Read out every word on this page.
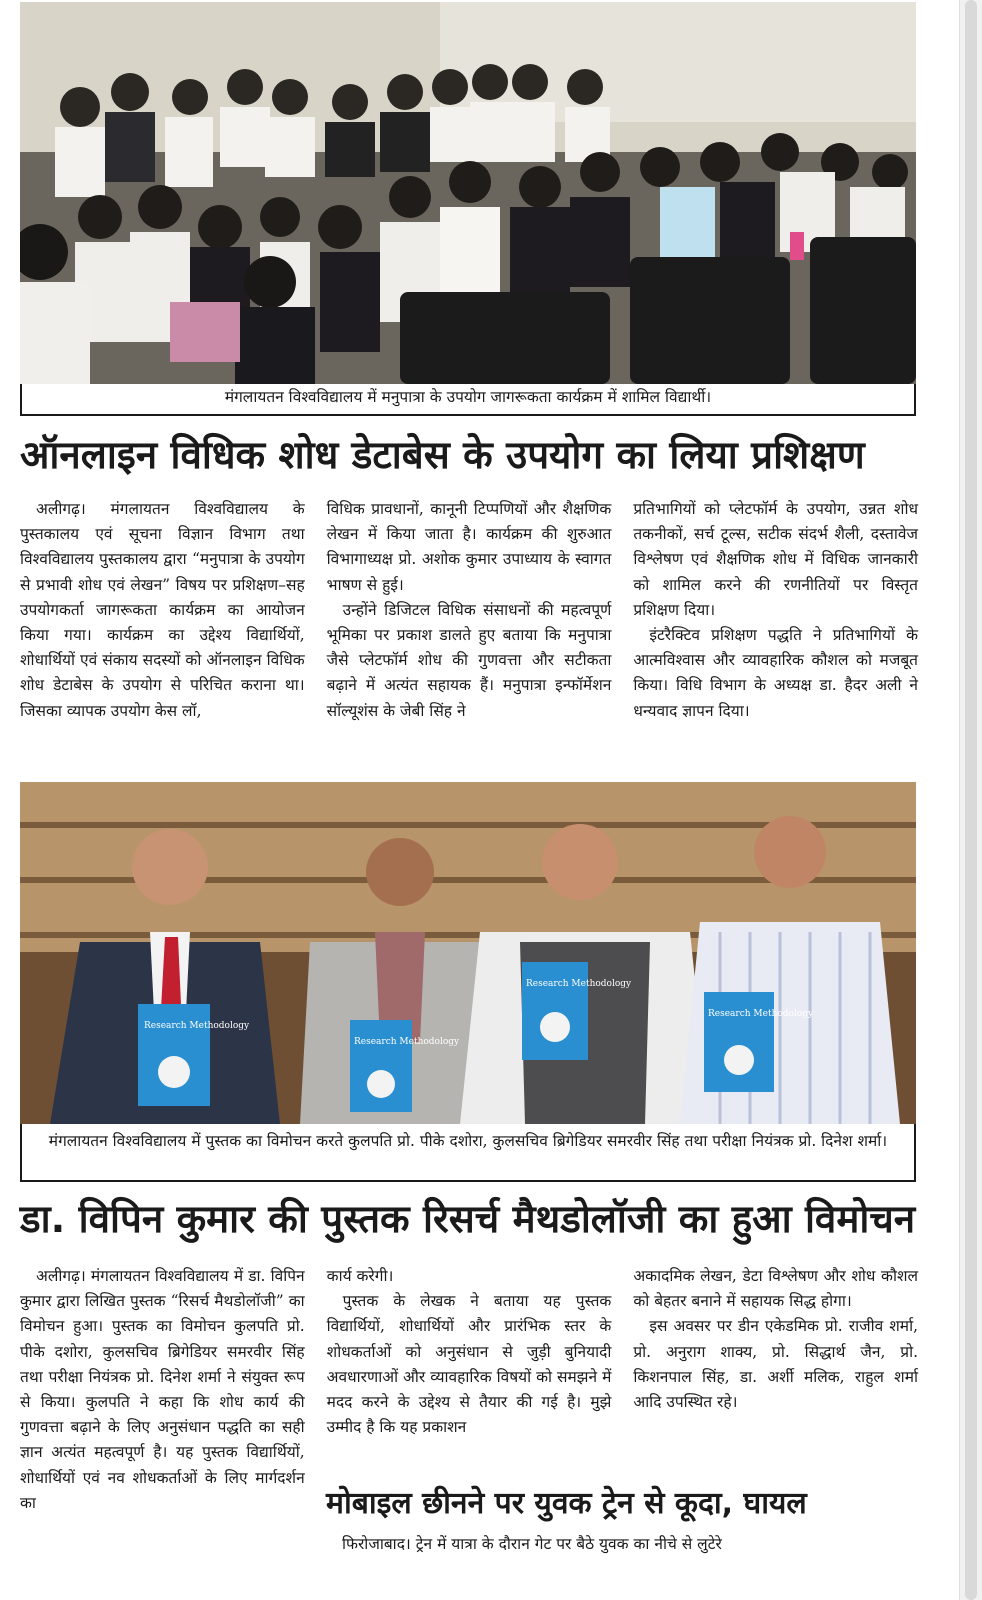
मंगलायतन विश्वविद्यालय में मनुपात्रा के उपयोग जागरूकता कार्यक्रम में शामिल विद्यार्थी।
ऑनलाइन विधिक शोध डेटाबेस के उपयोग का लिया प्रशिक्षण

अलीगढ़। मंगलायतन विश्वविद्यालय के पुस्तकालय एवं सूचना विज्ञान विभाग तथा विश्वविद्यालय पुस्तकालय द्वारा “मनुपात्रा के उपयोग से प्रभावी शोध एवं लेखन” विषय पर प्रशिक्षण–सह उपयोगकर्ता जागरूकता कार्यक्रम का आयोजन किया गया। कार्यक्रम का उद्देश्य विद्यार्थियों, शोधार्थियों एवं संकाय सदस्यों को ऑनलाइन विधिक शोध डेटाबेस के उपयोग से परिचित कराना था। जिसका व्यापक उपयोग केस लॉ,

विधिक प्रावधानों, कानूनी टिप्पणियों और शैक्षणिक लेखन में किया जाता है। कार्यक्रम की शुरुआत विभागाध्यक्ष प्रो. अशोक कुमार उपाध्याय के स्वागत भाषण से हुई।

उन्होंने डिजिटल विधिक संसाधनों की महत्वपूर्ण भूमिका पर प्रकाश डालते हुए बताया कि मनुपात्रा जैसे प्लेटफॉर्म शोध की गुणवत्ता और सटीकता बढ़ाने में अत्यंत सहायक हैं। मनुपात्रा इन्फॉर्मेशन सॉल्यूशंस के जेबी सिंह ने

प्रतिभागियों को प्लेटफॉर्म के उपयोग, उन्नत शोध तकनीकों, सर्च टूल्स, सटीक संदर्भ शैली, दस्तावेज विश्लेषण एवं शैक्षणिक शोध में विधिक जानकारी को शामिल करने की रणनीतियों पर विस्तृत प्रशिक्षण दिया।

इंटरैक्टिव प्रशिक्षण पद्धति ने प्रतिभागियों के आत्मविश्वास और व्यावहारिक कौशल को मजबूत किया। विधि विभाग के अध्यक्ष डा. हैदर अली ने धन्यवाद ज्ञापन दिया।

Research Methodology
Research Methodology
Research Methodology
Research Methodology
मंगलायतन विश्वविद्यालय में पुस्तक का विमोचन करते कुलपति प्रो. पीके दशोरा, कुलसचिव ब्रिगेडियर समरवीर सिंह तथा परीक्षा नियंत्रक प्रो. दिनेश शर्मा।
डा. विपिन कुमार की पुस्तक रिसर्च मैथडोलॉजी का हुआ विमोचन

अलीगढ़। मंगलायतन विश्वविद्यालय में डा. विपिन कुमार द्वारा लिखित पुस्तक “रिसर्च मैथडोलॉजी” का विमोचन हुआ। पुस्तक का विमोचन कुलपति प्रो. पीके दशोरा, कुलसचिव ब्रिगेडियर समरवीर सिंह तथा परीक्षा नियंत्रक प्रो. दिनेश शर्मा ने संयुक्त रूप से किया। कुलपति ने कहा कि शोध कार्य की गुणवत्ता बढ़ाने के लिए अनुसंधान पद्धति का सही ज्ञान अत्यंत महत्वपूर्ण है। यह पुस्तक विद्यार्थियों, शोधार्थियों एवं नव शोधकर्ताओं के लिए मार्गदर्शन का

कार्य करेगी।

पुस्तक के लेखक ने बताया यह पुस्तक विद्यार्थियों, शोधार्थियों और प्रारंभिक स्तर के शोधकर्ताओं को अनुसंधान से जुड़ी बुनियादी अवधारणाओं और व्यावहारिक विषयों को समझने में मदद करने के उद्देश्य से तैयार की गई है। मुझे उम्मीद है कि यह प्रकाशन

अकादमिक लेखन, डेटा विश्लेषण और शोध कौशल को बेहतर बनाने में सहायक सिद्ध होगा।

इस अवसर पर डीन एकेडमिक प्रो. राजीव शर्मा, प्रो. अनुराग शाक्य, प्रो. सिद्धार्थ जैन, प्रो. किशनपाल सिंह, डा. अर्शी मलिक, राहुल शर्मा आदि उपस्थित रहे।

मोबाइल छीनने पर युवक ट्रेन से कूदा, घायल
फिरोजाबाद। ट्रेन में यात्रा के दौरान गेट पर बैठे युवक का नीचे से लुटेरे
